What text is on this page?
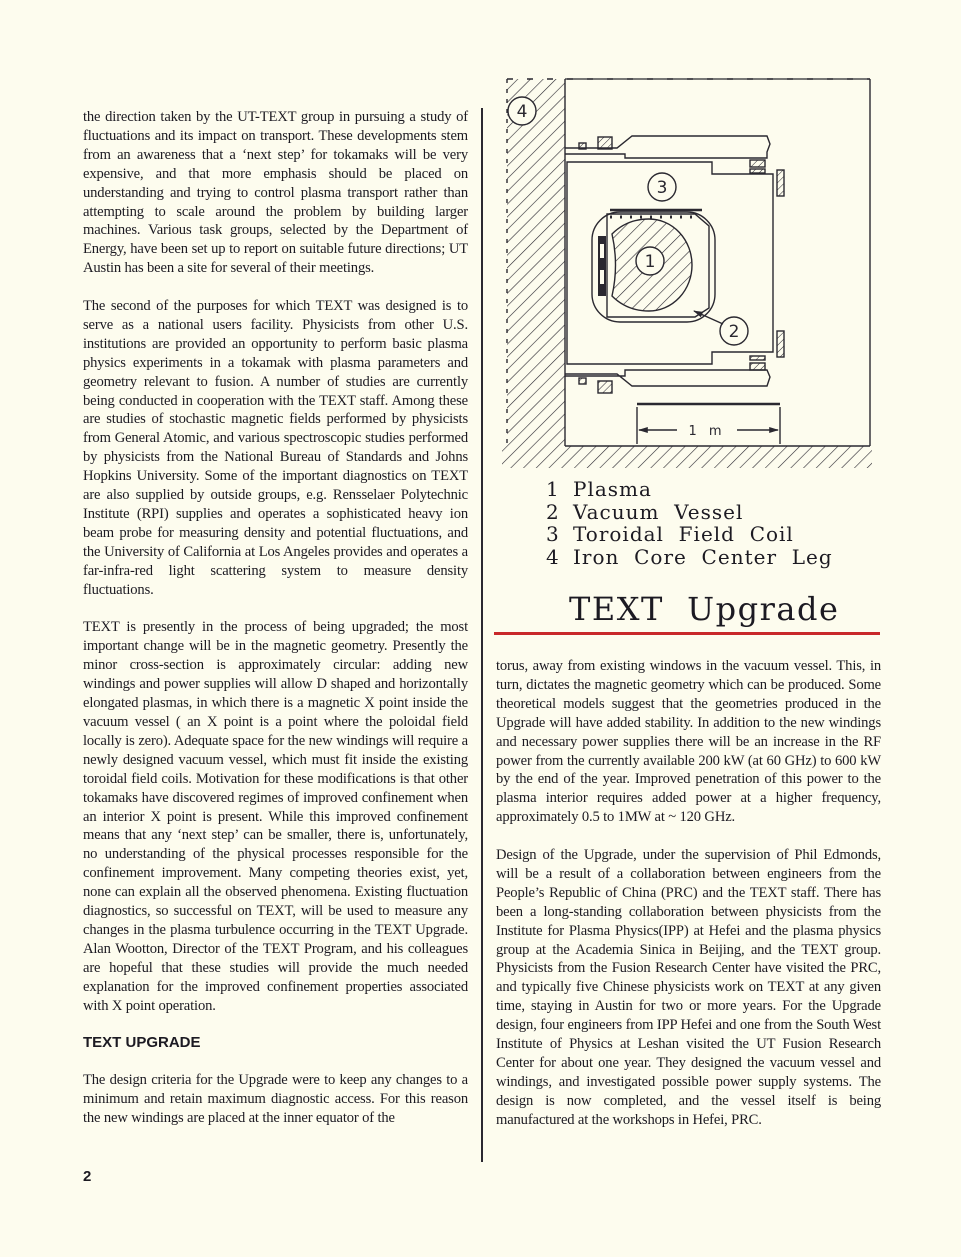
the direction taken by the UT-TEXT group in pursuing a study of fluctuations and its impact on transport. These developments stem from an awareness that a ‘next step’ for tokamaks will be very expensive, and that more emphasis should be placed on understanding and trying to control plasma transport rather than attempting to scale around the problem by building larger machines. Various task groups, selected by the Department of Energy, have been set up to report on suitable future directions; UT Austin has been a site for several of their meetings.

The second of the purposes for which TEXT was designed is to serve as a national users facility. Physicists from other U.S. institutions are provided an opportunity to perform basic plasma physics experiments in a tokamak with plasma parameters and geometry relevant to fusion. A number of studies are currently being conducted in cooperation with the TEXT staff. Among these are studies of stochastic magnetic fields performed by physicists from General Atomic, and various spectroscopic studies performed by physicists from the National Bureau of Standards and Johns Hopkins University. Some of the important diagnostics on TEXT are also supplied by outside groups, e.g. Rensselaer Polytechnic Institute (RPI) supplies and operates a sophisticated heavy ion beam probe for measuring density and potential fluctuations, and the University of California at Los Angeles provides and operates a far-infra-red light scattering system to measure density fluctuations.

TEXT is presently in the process of being upgraded; the most important change will be in the magnetic geometry. Presently the minor cross-section is approximately circular: adding new windings and power supplies will allow D shaped and horizontally elongated plasmas, in which there is a magnetic X point inside the vacuum vessel ( an X point is a point where the poloidal field locally is zero). Adequate space for the new windings will require a newly designed vacuum vessel, which must fit inside the existing toroidal field coils. Motivation for these modifications is that other tokamaks have discovered regimes of improved confinement when an interior X point is present. While this improved confinement means that any ‘next step’ can be smaller, there is, unfortunately, no understanding of the physical processes responsible for the confinement improvement. Many competing theories exist, yet, none can explain all the observed phenomena. Existing fluctuation diagnostics, so successful on TEXT, will be used to measure any changes in the plasma turbulence occurring in the TEXT Upgrade. Alan Wootton, Director of the TEXT Program, and his colleagues are hopeful that these studies will provide the much needed explanation for the improved confinement properties associated with X point operation.

TEXT UPGRADE

The design criteria for the Upgrade were to keep any changes to a minimum and retain maximum diagnostic access. For this reason the new windings are placed at the inner equator of the

4
3
1
2
1 m
1 Plasma
2 Vacuum  Vessel
3 Toroidal  Field  Coil
4 Iron  Core  Center  Leg
TEXT  Upgrade

torus, away from existing windows in the vacuum vessel. This, in turn, dictates the magnetic geometry which can be produced. Some theoretical models suggest that the geometries produced in the Upgrade will have added stability. In addition to the new windings and necessary power supplies there will be an increase in the RF power from the currently available 200 kW (at 60 GHz) to 600 kW by the end of the year. Improved penetration of this power to the plasma interior requires added power at a higher frequency, approximately 0.5 to 1MW at ~ 120 GHz.

Design of the Upgrade, under the supervision of Phil Edmonds, will be a result of a collaboration between engineers from the People’s Republic of China (PRC) and the TEXT staff. There has been a long-standing collaboration between physicists from the Institute for Plasma Physics(IPP) at Hefei and the plasma physics group at the Academia Sinica in Beijing, and the TEXT group. Physicists from the Fusion Research Center have visited the PRC, and typically five Chinese physicists work on TEXT at any given time, staying in Austin for two or more years. For the Upgrade design, four engineers from IPP Hefei and one from the South West Institute of Physics at Leshan visited the UT Fusion Research Center for about one year. They designed the vacuum vessel and windings, and investigated possible power supply systems. The design is now completed, and the vessel itself is being manufactured at the workshops in Hefei, PRC.

2
